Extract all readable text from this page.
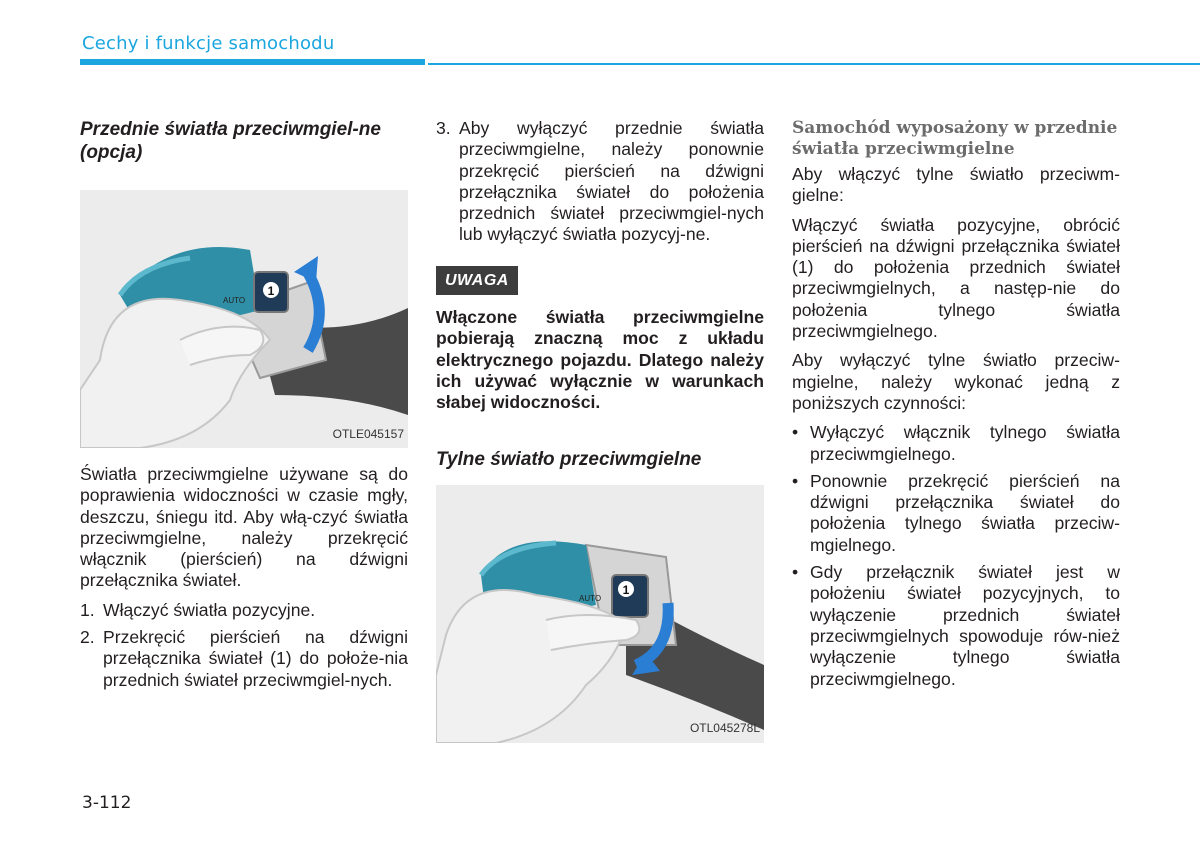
Cechy i funkcje samochodu

Przednie światła przeciwmgiel-ne (opcja)

1
AUTO
OTLE045157

Światła przeciwmgielne używane są do poprawienia widoczności w czasie mgły, deszczu, śniegu itd. Aby włą-czyć światła przeciwmgielne, należy przekręcić włącznik (pierścień) na dźwigni przełącznika świateł.

1. Włączyć światła pozycyjne.
2. Przekręcić pierścień na dźwigni przełącznika świateł (1) do położe-nia przednich świateł przeciwmgiel-nych.
3. Aby wyłączyć przednie światła przeciwmgielne, należy ponownie przekręcić pierścień na dźwigni przełącznika świateł do położenia przednich świateł przeciwmgiel-nych lub wyłączyć światła pozycyj-ne.
UWAGA

Włączone światła przeciwmgielne pobierają znaczną moc z układu elektrycznego pojazdu. Dlatego należy ich używać wyłącznie w warunkach słabej widoczności.

Tylne światło przeciwmgielne

1
AUTO
OTL045278L

Samochód wyposażony w przednie światła przeciwmgielne

Aby włączyć tylne światło przeciwm-gielne:

Włączyć światła pozycyjne, obrócić pierścień na dźwigni przełącznika świateł (1) do położenia przednich świateł przeciwmgielnych, a następ-nie do położenia tylnego światła przeciwmgielnego.

Aby wyłączyć tylne światło przeciw-mgielne, należy wykonać jedną z poniższych czynności:

• Wyłączyć włącznik tylnego światła przeciwmgielnego.
• Ponownie przekręcić pierścień na dźwigni przełącznika świateł do położenia tylnego światła przeciw-mgielnego.
• Gdy przełącznik świateł jest w położeniu świateł pozycyjnych, to wyłączenie przednich świateł przeciwmgielnych spowoduje rów-nież wyłączenie tylnego światła przeciwmgielnego.
3-112
